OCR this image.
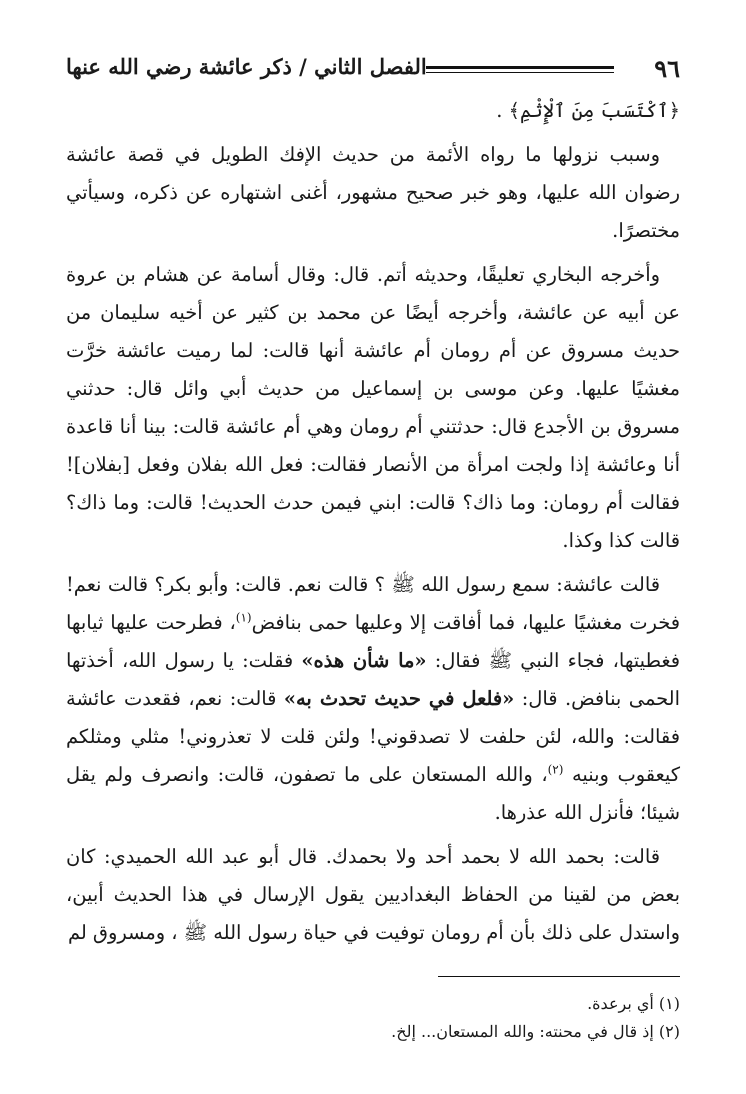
٩٦
الفصل الثاني / ذكر عائشة رضي الله عنها

﴿ٱكْتَسَبَ مِنَ ٱلْإِثْمِ﴾ .

وسبب نزولها ما رواه الأئمة من حديث الإفك الطويل في قصة عائشة رضوان الله عليها، وهو خبر صحيح مشهور، أغنى اشتهاره عن ذكره، وسيأتي مختصرًا.

وأخرجه البخاري تعليقًا، وحديثه أتم. قال: وقال أسامة عن هشام بن عروة عن أبيه عن عائشة، وأخرجه أيضًا عن محمد بن كثير عن أخيه سليمان من حديث مسروق عن أم رومان أم عائشة أنها قالت: لما رميت عائشة خرَّت مغشيًا عليها. وعن موسى بن إسماعيل من حديث أبي وائل قال: حدثني مسروق بن الأجدع قال: حدثتني أم رومان وهي أم عائشة قالت: بينا أنا قاعدة أنا وعائشة إذا ولجت امرأة من الأنصار فقالت: فعل الله بفلان وفعل [بفلان]! فقالت أم رومان: وما ذاك؟ قالت: ابني فيمن حدث الحديث! قالت: وما ذاك؟ قالت كذا وكذا.

قالت عائشة: سمع رسول الله ﷺ ؟ قالت نعم. قالت: وأبو بكر؟ قالت نعم! فخرت مغشيًا عليها، فما أفاقت إلا وعليها حمى بنافض$^{(١)}$، فطرحت عليها ثيابها فغطيتها، فجاء النبي ﷺ فقال: «ما شأن هذه» فقلت: يا رسول الله، أخذتها الحمى بنافض. قال: «فلعل في حديث تحدث به» قالت: نعم، فقعدت عائشة فقالت: والله، لئن حلفت لا تصدقوني! ولئن قلت لا تعذروني! مثلي ومثلكم كيعقوب وبنيه $^{(٢)}$، والله المستعان على ما تصفون، قالت: وانصرف ولم يقل شيئا؛ فأنزل الله عذرها.

قالت: بحمد الله لا بحمد أحد ولا بحمدك. قال أبو عبد الله الحميدي: كان بعض من لقينا من الحفاظ البغداديين يقول الإرسال في هذا الحديث أبين، واستدل على ذلك بأن أم رومان توفيت في حياة رسول الله ﷺ ، ومسروق لم

(١) أي برعدة.

(٢) إذ قال في محنته: والله المستعان... إلخ.
